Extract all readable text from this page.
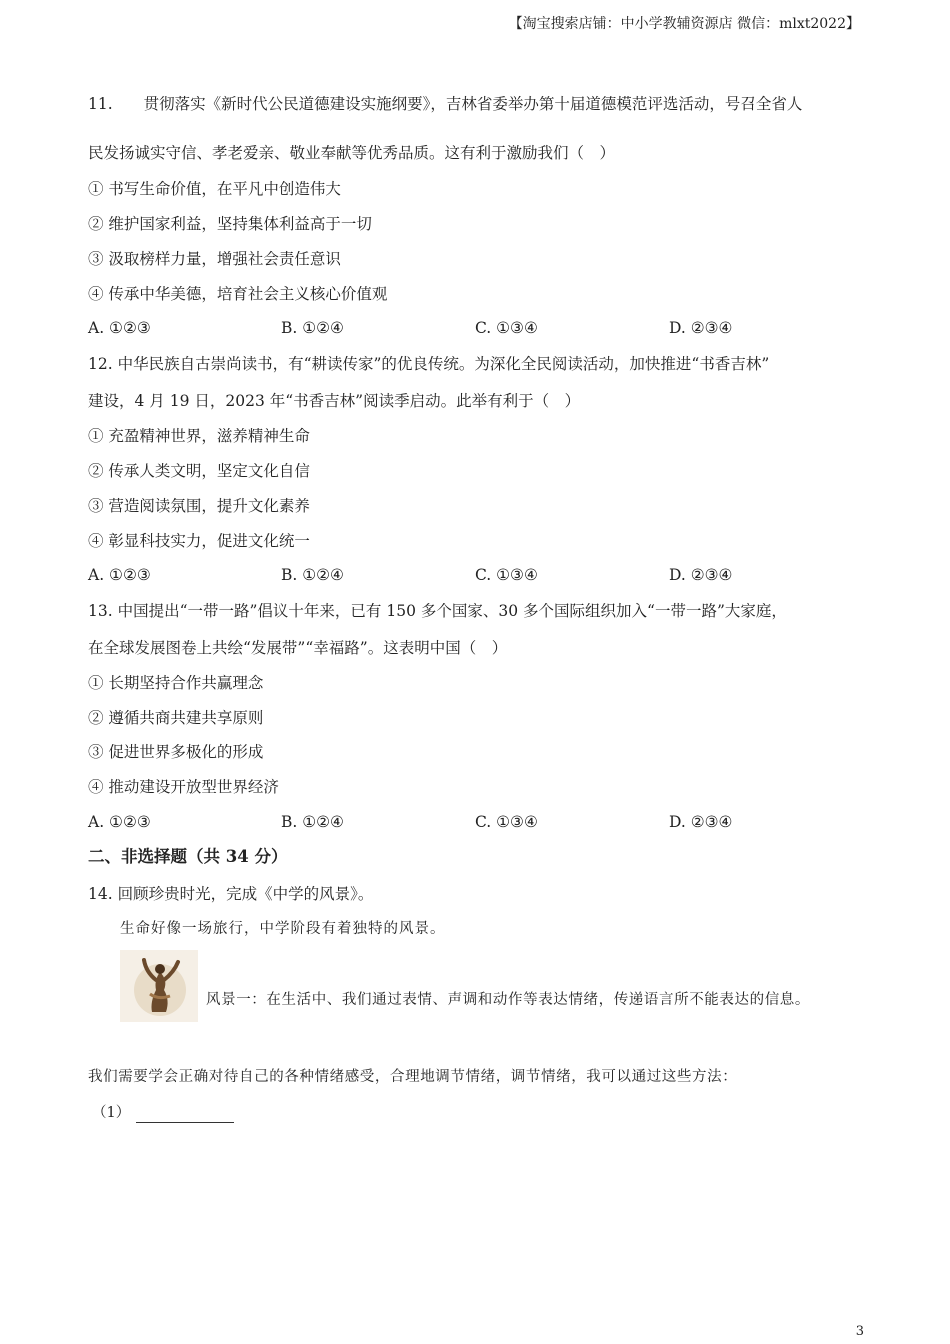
【淘宝搜索店铺：中小学教辅资源店 微信：mlxt2022】
11.　　贯彻落实《新时代公民道德建设实施纲要》，吉林省委举办第十届道德模范评选活动，号召全省人
民发扬诚实守信、孝老爱亲、敬业奉献等优秀品质。这有利于激励我们（　）
① 书写生命价值，在平凡中创造伟大
② 维护国家利益，坚持集体利益高于一切
③ 汲取榜样力量，增强社会责任意识
④ 传承中华美德，培育社会主义核心价值观
A. ①②③	B. ①②④	C. ①③④	D. ②③④
12. 中华民族自古崇尚读书，有“耕读传家”的优良传统。为深化全民阅读活动，加快推进“书香吉林”
建设，4 月 19 日，2023 年“书香吉林”阅读季启动。此举有利于（　）
① 充盈精神世界，滋养精神生命
② 传承人类文明，坚定文化自信
③ 营造阅读氛围，提升文化素养
④ 彰显科技实力，促进文化统一
A. ①②③	B. ①②④	C. ①③④	D. ②③④
13. 中国提出“一带一路”倡议十年来，已有 150 多个国家、30 多个国际组织加入“一带一路”大家庭，
在全球发展图卷上共绘“发展带”“幸福路”。这表明中国（　）
① 长期坚持合作共赢理念
② 遵循共商共建共享原则
③ 促进世界多极化的形成
④ 推动建设开放型世界经济
A. ①②③	B. ①②④	C. ①③④	D. ②③④
二、非选择题（共 34 分）
14. 回顾珍贵时光，完成《中学的风景》。
生命好像一场旅行，中学阶段有着独特的风景。
风景一：在生活中、我们通过表情、声调和动作等表达情绪，传递语言所不能表达的信息。
我们需要学会正确对待自己的各种情绪感受，合理地调节情绪，调节情绪，我可以通过这些方法：
（1）
3
